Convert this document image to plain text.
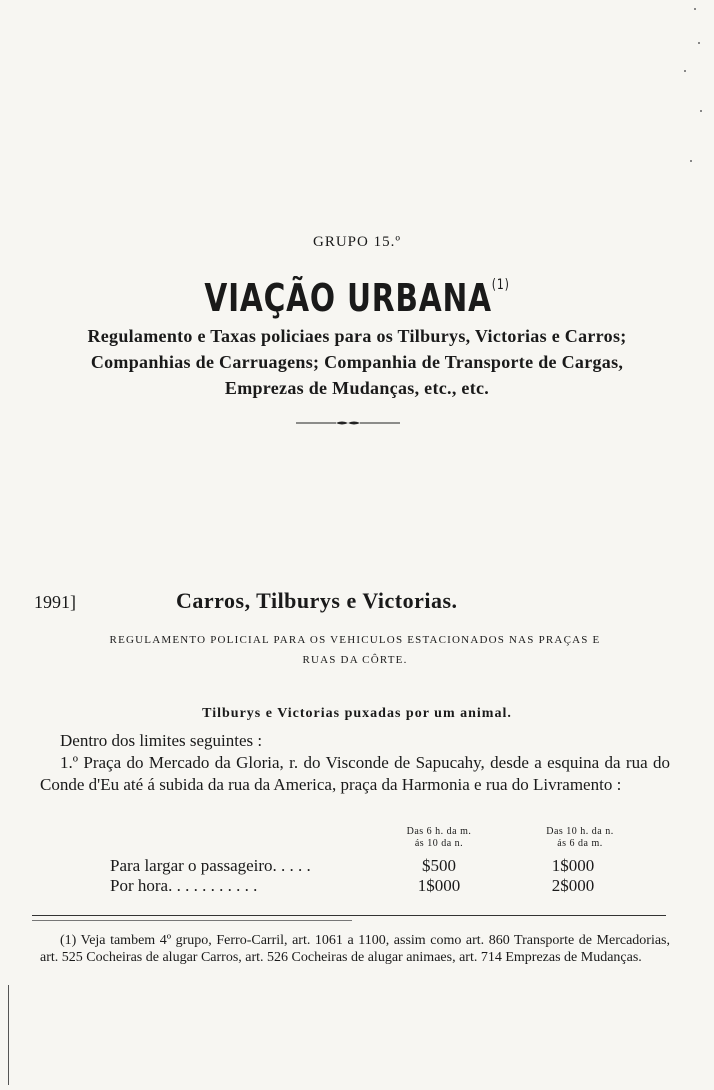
GRUPO 15.º
VIAÇÃO URBANA$^{(1)}$
Regulamento e Taxas policiaes para os Tilburys, Victorias e Carros;
Companhias de Carruagens; Companhia de Transporte de Cargas,
Emprezas de Mudanças, etc., etc.
1991]	Carros, Tilburys e Victorias.
REGULAMENTO POLICIAL PARA OS VEHICULOS ESTACIONADOS NAS PRAÇAS E
RUAS DA CÔRTE.
Tilburys e Victorias puxadas por um animal.

Dentro dos limites seguintes :

1.º Praça do Mercado da Gloria, r. do Visconde de Sapucahy, desde a esquina da rua do Conde d'Eu até á subida da rua da America, praça da Harmonia e rua do Livramento :

Das 6 h. da m.
ás 10 da n.
Das 10 h. da n.
ás 6 da m.
Para largar o passageiro. . . . .	$500	1$000
Por hora. . . . . . . . . . .	1$000	2$000

(1) Veja tambem 4º grupo, Ferro-Carril, art. 1061 a 1100, assim como art. 860 Transporte de Mercadorias, art. 525 Cocheiras de alugar Carros, art. 526 Cocheiras de alugar animaes, art. 714 Emprezas de Mudanças.
